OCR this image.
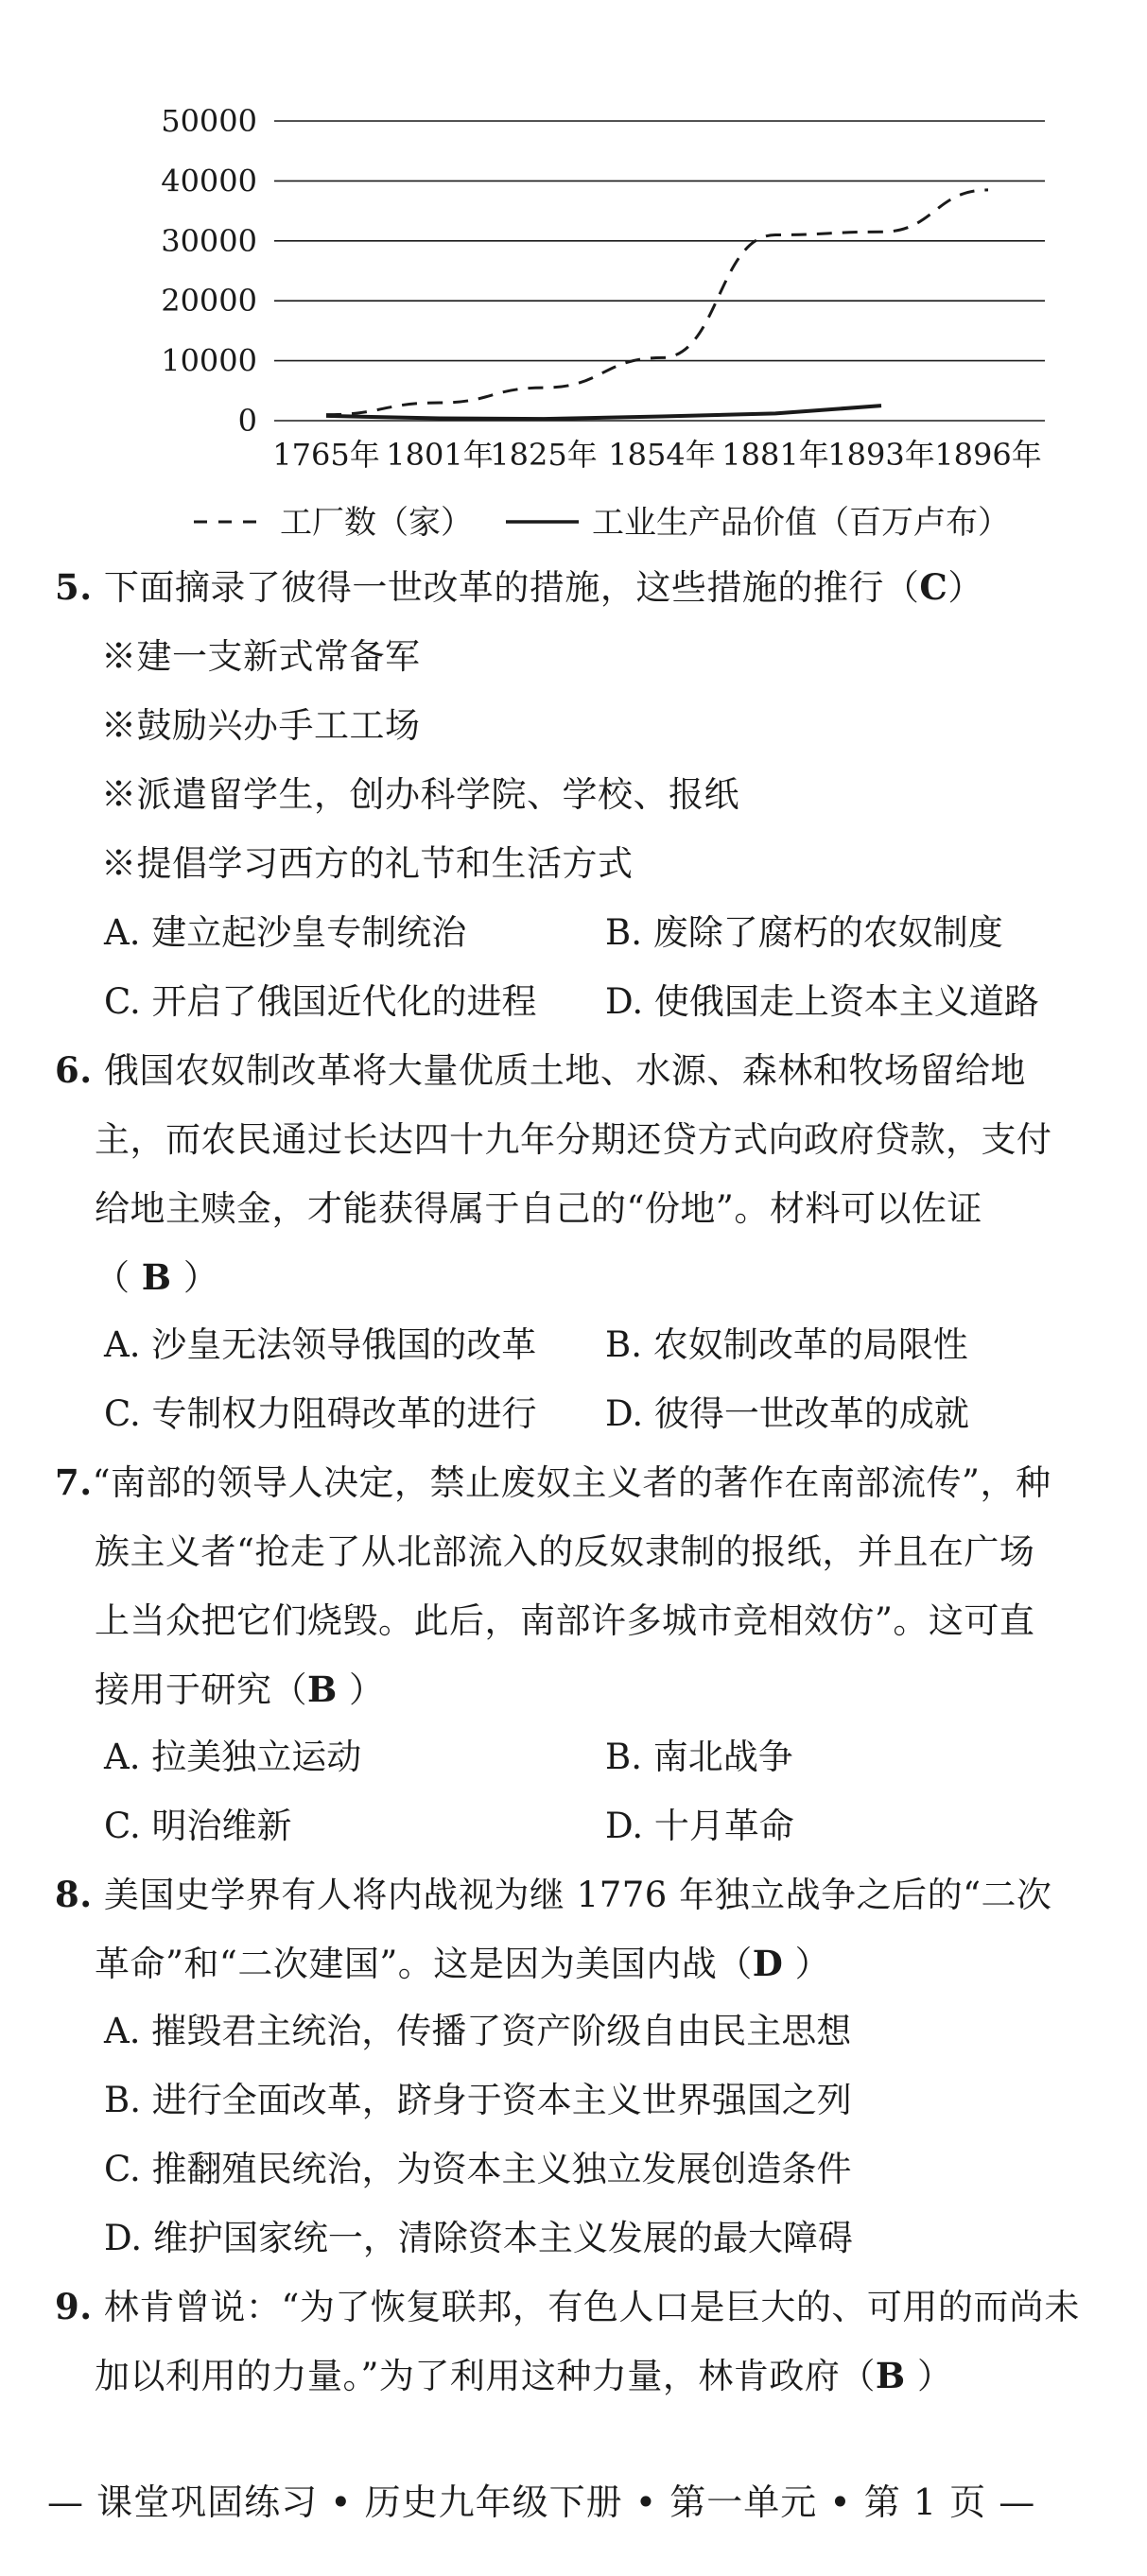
0
10000
20000
30000
40000
50000
1765年 1801年
1825年 1854年 1881年
1893年 1896年
工厂数（家）	工业生产品价值（百万卢布）
5. 下面摘录了彼得一世改革的措施，这些措施的推行（C）
※建一支新式常备军
※鼓励兴办手工工场
※派遣留学生，创办科学院、学校、报纸
※提倡学习西方的礼节和生活方式
A. 建立起沙皇专制统治	B. 废除了腐朽的农奴制度
C. 开启了俄国近代化的进程 D. 使俄国走上资本主义道路
6. 俄国农奴制改革将大量优质土地、水源、森林和牧场留给地
主，而农民通过长达四十九年分期还贷方式向政府贷款，支付
给地主赎金，才能获得属于自己的“份地”。材料可以佐证
（ B ）
A. 沙皇无法领导俄国的改革 B. 农奴制改革的局限性
C. 专制权力阻碍改革的进行 D. 彼得一世改革的成就
7.“南部的领导人决定，禁止废奴主义者的著作在南部流传”，种
族主义者“抢走了从北部流入的反奴隶制的报纸，并且在广场
上当众把它们烧毁。此后，南部许多城市竞相效仿”。这可直
接用于研究（B ）
A. 拉美独立运动	B. 南北战争
C. 明治维新	D. 十月革命
8. 美国史学界有人将内战视为继 1776 年独立战争之后的“二次
革命”和“二次建国”。这是因为美国内战（D ）
A. 摧毁君主统治，传播了资产阶级自由民主思想
B. 进行全面改革，跻身于资本主义世界强国之列
C. 推翻殖民统治，为资本主义独立发展创造条件
D. 维护国家统一，清除资本主义发展的最大障碍
9. 林肯曾说：“为了恢复联邦，有色人口是巨大的、可用的而尚未
加以利用的力量。”为了利用这种力量，林肯政府（B ）
— 课堂巩固练习 • 历史九年级下册 • 第一单元 • 第 1 页 —
